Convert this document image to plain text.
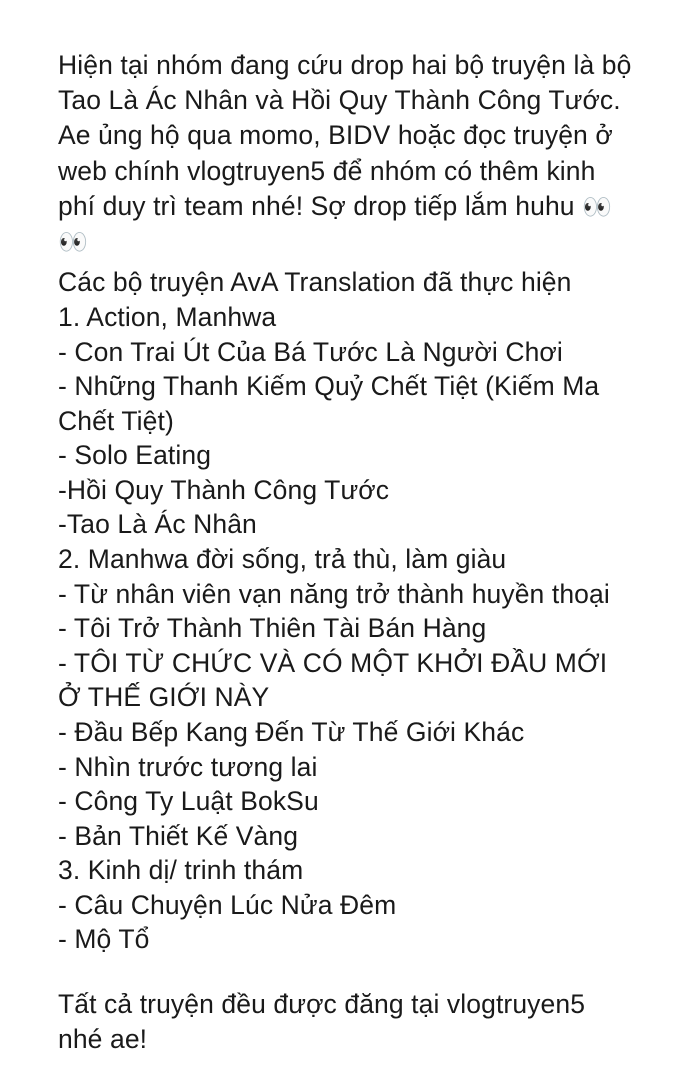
Hiện tại nhóm đang cứu drop hai bộ truyện là bộ Tao Là Ác Nhân và Hồi Quy Thành Công Tước. Ae ủng hộ qua momo, BIDV hoặc đọc truyện ở web chính vlogtruyen5 để nhóm có thêm kinh phí duy trì team nhé! Sợ drop tiếp lắm huhu 👀👀

Các bộ truyện AvA Translation đã thực hiện

1. Action, Manhwa

- Con Trai Út Của Bá Tước Là Người Chơi

- Những Thanh Kiếm Quỷ Chết Tiệt (Kiếm Ma Chết Tiệt)

- Solo Eating

-Hồi Quy Thành Công Tước

-Tao Là Ác Nhân

2. Manhwa đời sống, trả thù, làm giàu

- Từ nhân viên vạn năng trở thành huyền thoại

- Tôi Trở Thành Thiên Tài Bán Hàng

- TÔI TỪ CHỨC VÀ CÓ MỘT KHỞI ĐẦU MỚI Ở THẾ GIỚI NÀY

- Đầu Bếp Kang Đến Từ Thế Giới Khác

- Nhìn trước tương lai

- Công Ty Luật BokSu

- Bản Thiết Kế Vàng

3. Kinh dị/ trinh thám

- Câu Chuyện Lúc Nửa Đêm

- Mộ Tổ

Tất cả truyện đều được đăng tại vlogtruyen5 nhé ae!
